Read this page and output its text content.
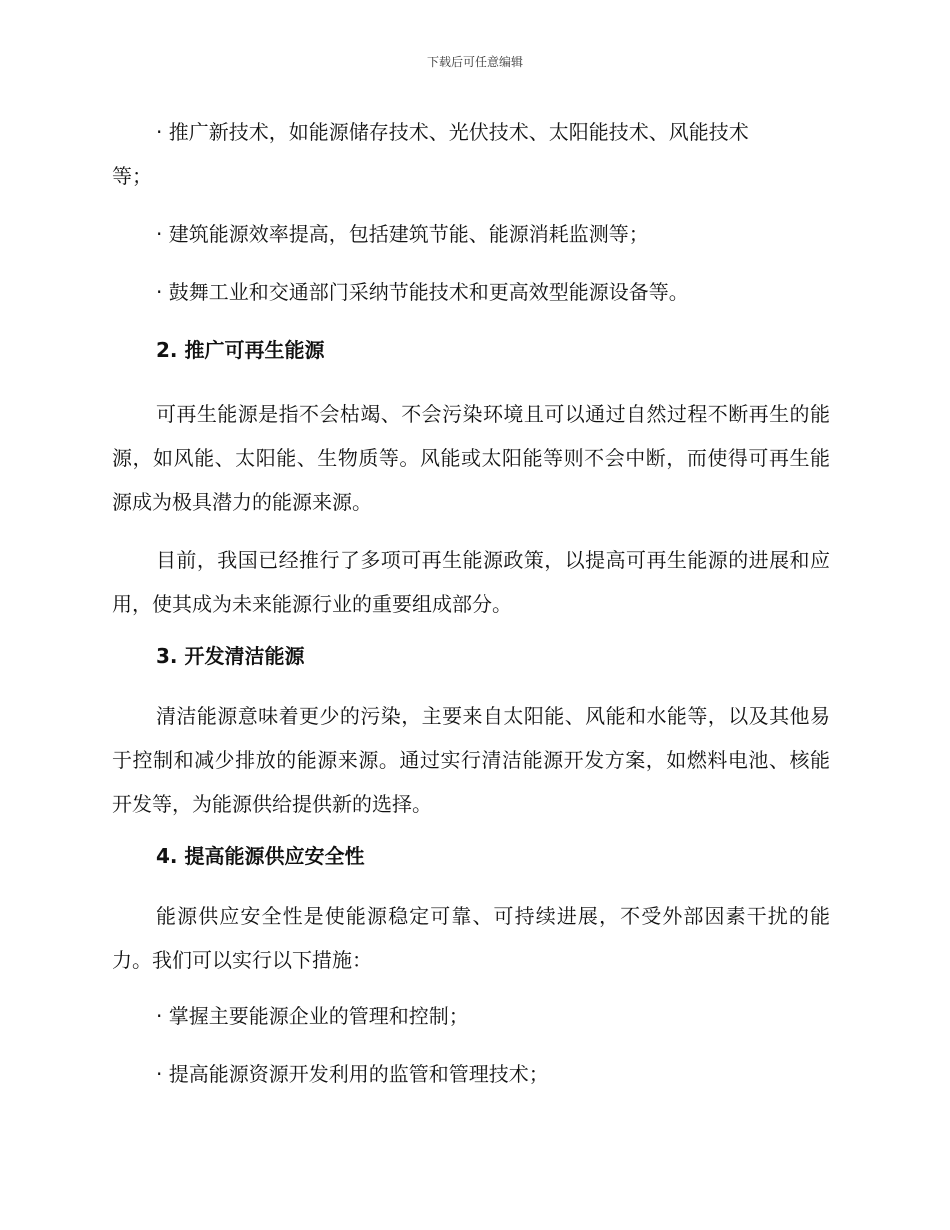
下载后可任意编辑

· 推广新技术，如能源储存技术、光伏技术、太阳能技术、风能技术

等；

· 建筑能源效率提高，包括建筑节能、能源消耗监测等；

· 鼓舞工业和交通部门采纳节能技术和更高效型能源设备等。

2. 推广可再生能源

可再生能源是指不会枯竭、不会污染环境且可以通过自然过程不断再生的能源，如风能、太阳能、生物质等。风能或太阳能等则不会中断，而使得可再生能源成为极具潜力的能源来源。

目前，我国已经推行了多项可再生能源政策，以提高可再生能源的进展和应用，使其成为未来能源行业的重要组成部分。

3. 开发清洁能源

清洁能源意味着更少的污染，主要来自太阳能、风能和水能等，以及其他易于控制和减少排放的能源来源。通过实行清洁能源开发方案，如燃料电池、核能开发等，为能源供给提供新的选择。

4. 提高能源供应安全性

能源供应安全性是使能源稳定可靠、可持续进展，不受外部因素干扰的能力。我们可以实行以下措施：

· 掌握主要能源企业的管理和控制；

· 提高能源资源开发利用的监管和管理技术；
